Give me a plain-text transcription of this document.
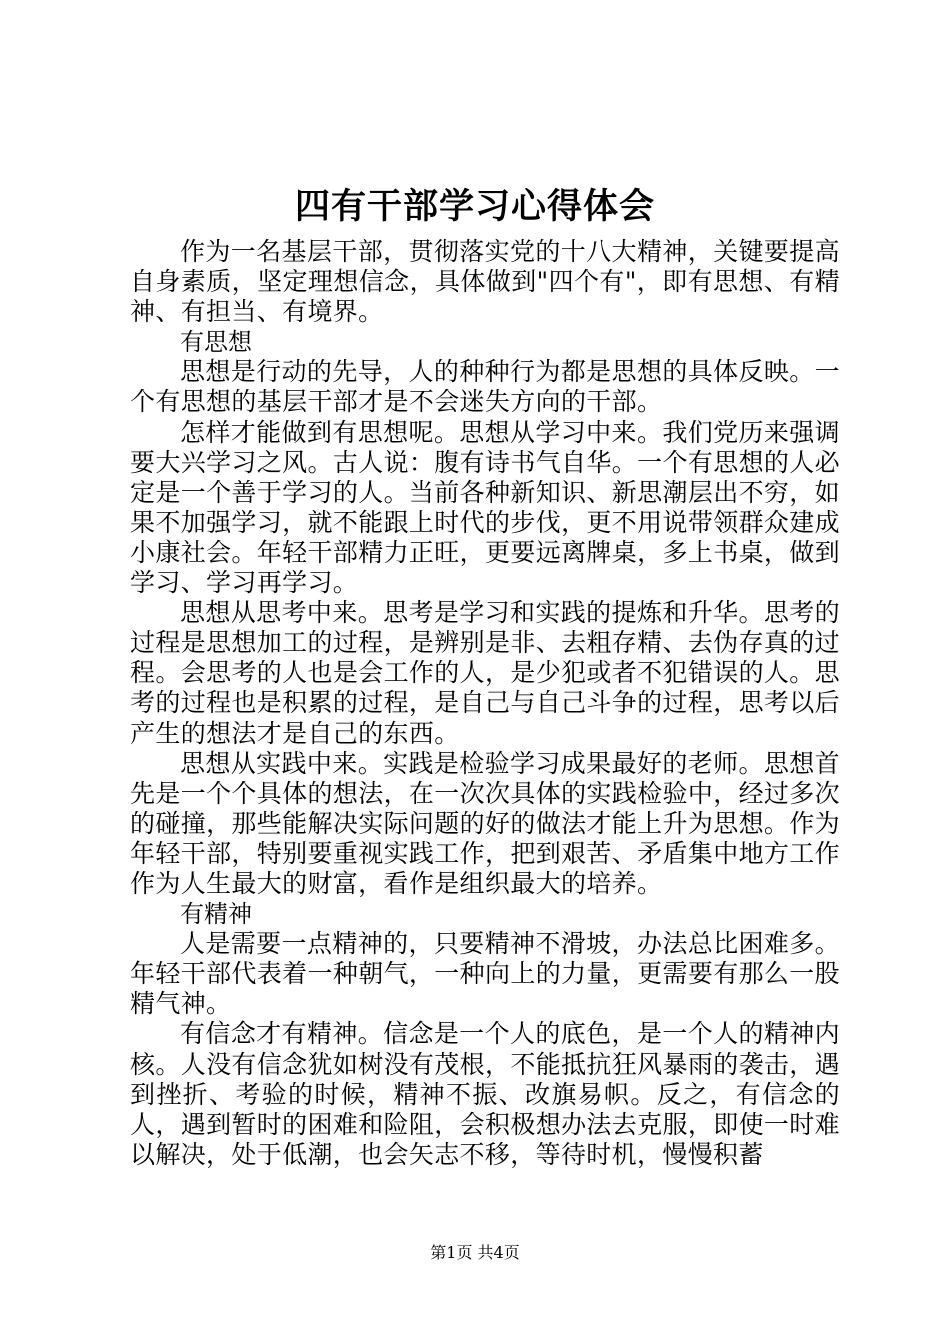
四有干部学习心得体会

作为一名基层干部，贯彻落实党的十八大精神，关键要提高自身素质，坚定理想信念，具体做到"四个有"，即有思想、有精神、有担当、有境界。

有思想

思想是行动的先导，人的种种行为都是思想的具体反映。一个有思想的基层干部才是不会迷失方向的干部。

怎样才能做到有思想呢。思想从学习中来。我们党历来强调要大兴学习之风。古人说：腹有诗书气自华。一个有思想的人必定是一个善于学习的人。当前各种新知识、新思潮层出不穷，如果不加强学习，就不能跟上时代的步伐，更不用说带领群众建成小康社会。年轻干部精力正旺，更要远离牌桌，多上书桌，做到学习、学习再学习。

思想从思考中来。思考是学习和实践的提炼和升华。思考的过程是思想加工的过程，是辨别是非、去粗存精、去伪存真的过程。会思考的人也是会工作的人，是少犯或者不犯错误的人。思考的过程也是积累的过程，是自己与自己斗争的过程，思考以后产生的想法才是自己的东西。

思想从实践中来。实践是检验学习成果最好的老师。思想首先是一个个具体的想法，在一次次具体的实践检验中，经过多次的碰撞，那些能解决实际问题的好的做法才能上升为思想。作为年轻干部，特别要重视实践工作，把到艰苦、矛盾集中地方工作作为人生最大的财富，看作是组织最大的培养。

有精神

人是需要一点精神的，只要精神不滑坡，办法总比困难多。年轻干部代表着一种朝气，一种向上的力量，更需要有那么一股精气神。

有信念才有精神。信念是一个人的底色，是一个人的精神内核。人没有信念犹如树没有茂根，不能抵抗狂风暴雨的袭击，遇到挫折、考验的时候，精神不振、改旗易帜。反之，有信念的人，遇到暂时的困难和险阻，会积极想办法去克服，即使一时难以解决，处于低潮，也会矢志不移，等待时机，慢慢积蓄

第1页 共4页
